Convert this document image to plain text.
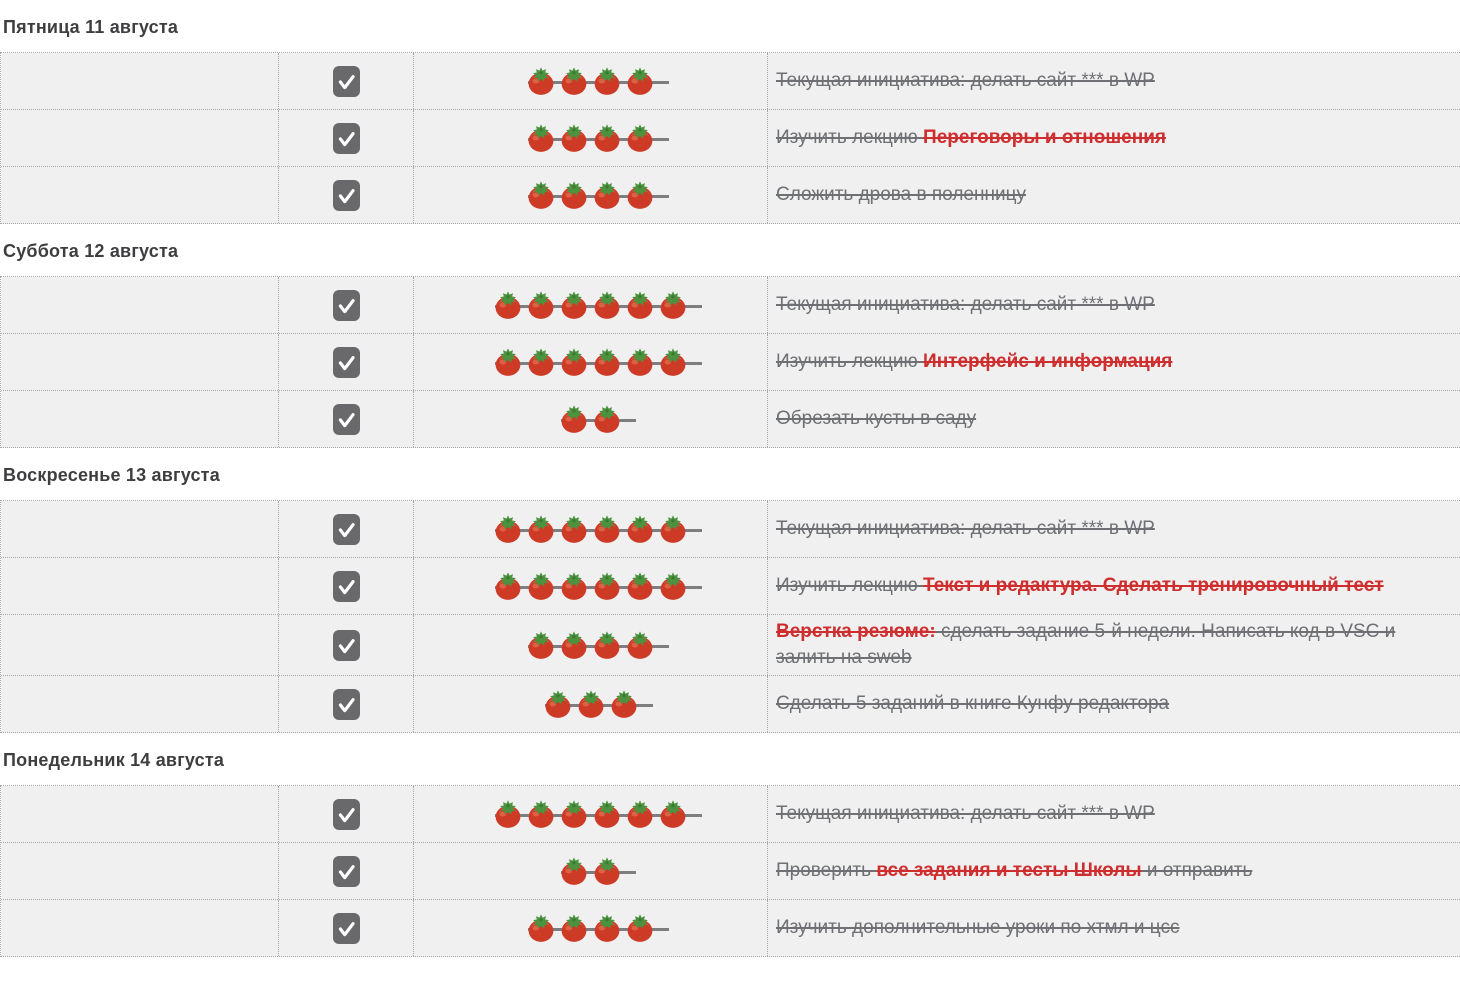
Пятница 11 августа
Текущая инициатива: делать сайт *** в WP
Изучить лекцию Переговоры и отношения
Сложить дрова в поленницу
Суббота 12 августа
Текущая инициатива: делать сайт *** в WP
Изучить лекцию Интерфейс и информация
Обрезать кусты в саду
Воскресенье 13 августа
Текущая инициатива: делать сайт *** в WP
Изучить лекцию Текст и редактура. Сделать тренировочный тест
Верстка резюме: сделать задание 5-й недели. Написать код в VSC и залить на sweb
Сделать 5 заданий в книге Кунфу редактора
Понедельник 14 августа
Текущая инициатива: делать сайт *** в WP
Проверить все задания и тесты Школы и отправить
Изучить дополнительные уроки по хтмл и цсс
